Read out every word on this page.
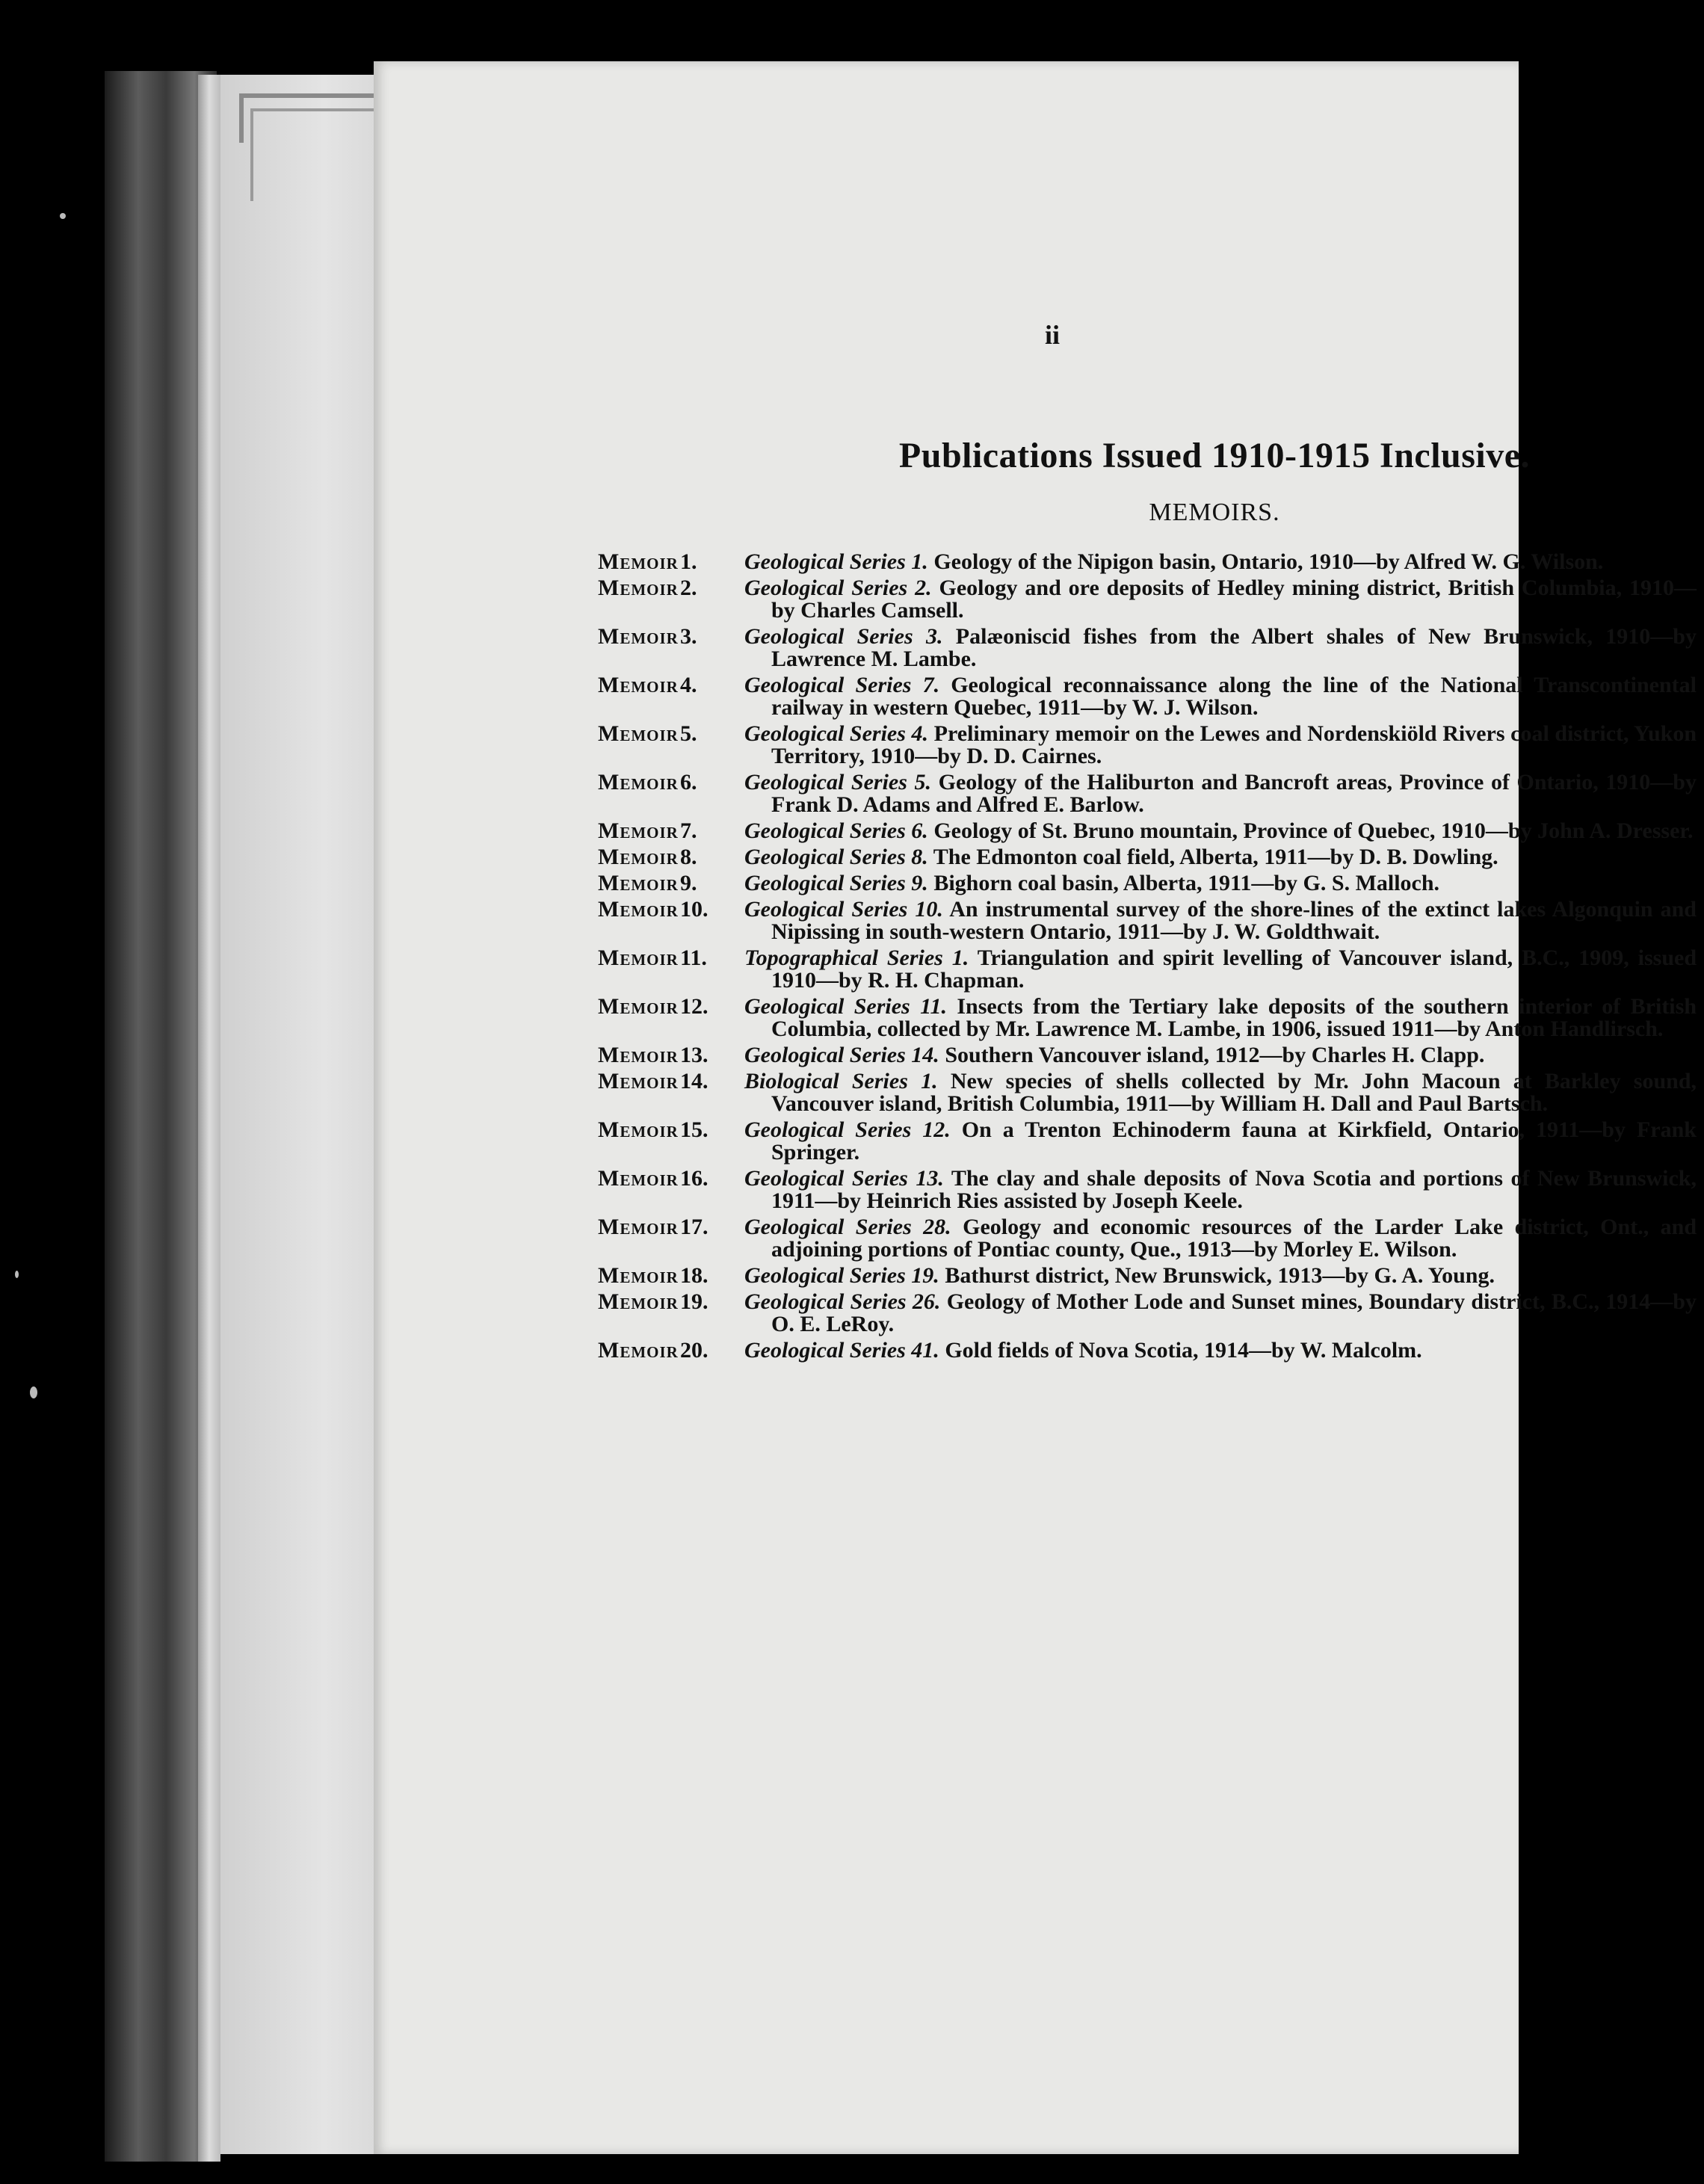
ii
Publications Issued 1910-1915 Inclusive.
MEMOIRS.
Memoir 1.	Geological Series 1. Geology of the Nipigon basin, Ontario, 1910—by Alfred W. G. Wilson.
Memoir 2.	Geological Series 2. Geology and ore deposits of Hedley mining district, British Columbia, 1910—by Charles Camsell.
Memoir 3.	Geological Series 3. Palæoniscid fishes from the Albert shales of New Brunswick, 1910—by Lawrence M. Lambe.
Memoir 4.	Geological Series 7. Geological reconnaissance along the line of the National Transcontinental railway in western Quebec, 1911—by W. J. Wilson.
Memoir 5.	Geological Series 4. Preliminary memoir on the Lewes and Nordenskiöld Rivers coal district, Yukon Territory, 1910—by D. D. Cairnes.
Memoir 6.	Geological Series 5. Geology of the Haliburton and Bancroft areas, Province of Ontario, 1910—by Frank D. Adams and Alfred E. Barlow.
Memoir 7.	Geological Series 6. Geology of St. Bruno mountain, Province of Quebec, 1910—by John A. Dresser.
Memoir 8.	Geological Series 8. The Edmonton coal field, Alberta, 1911—by D. B. Dowling.
Memoir 9.	Geological Series 9. Bighorn coal basin, Alberta, 1911—by G. S. Malloch.
Memoir 10.	Geological Series 10. An instrumental survey of the shore-lines of the extinct lakes Algonquin and Nipissing in south-western Ontario, 1911—by J. W. Goldthwait.
Memoir 11.	Topographical Series 1. Triangulation and spirit levelling of Vancouver island, B.C., 1909, issued 1910—by R. H. Chapman.
Memoir 12.	Geological Series 11. Insects from the Tertiary lake deposits of the southern interior of British Columbia, collected by Mr. Lawrence M. Lambe, in 1906, issued 1911—by Anton Handlirsch.
Memoir 13.	Geological Series 14. Southern Vancouver island, 1912—by Charles H. Clapp.
Memoir 14.	Biological Series 1. New species of shells collected by Mr. John Macoun at Barkley sound, Vancouver island, British Columbia, 1911—by William H. Dall and Paul Bartsch.
Memoir 15.	Geological Series 12. On a Trenton Echinoderm fauna at Kirkfield, Ontario, 1911—by Frank Springer.
Memoir 16.	Geological Series 13. The clay and shale deposits of Nova Scotia and portions of New Brunswick, 1911—by Heinrich Ries assisted by Joseph Keele.
Memoir 17.	Geological Series 28. Geology and economic resources of the Larder Lake district, Ont., and adjoining portions of Pontiac county, Que., 1913—by Morley E. Wilson.
Memoir 18.	Geological Series 19. Bathurst district, New Brunswick, 1913—by G. A. Young.
Memoir 19.	Geological Series 26. Geology of Mother Lode and Sunset mines, Boundary district, B.C., 1914—by O. E. LeRoy.
Memoir 20.	Geological Series 41. Gold fields of Nova Scotia, 1914—by W. Malcolm.
